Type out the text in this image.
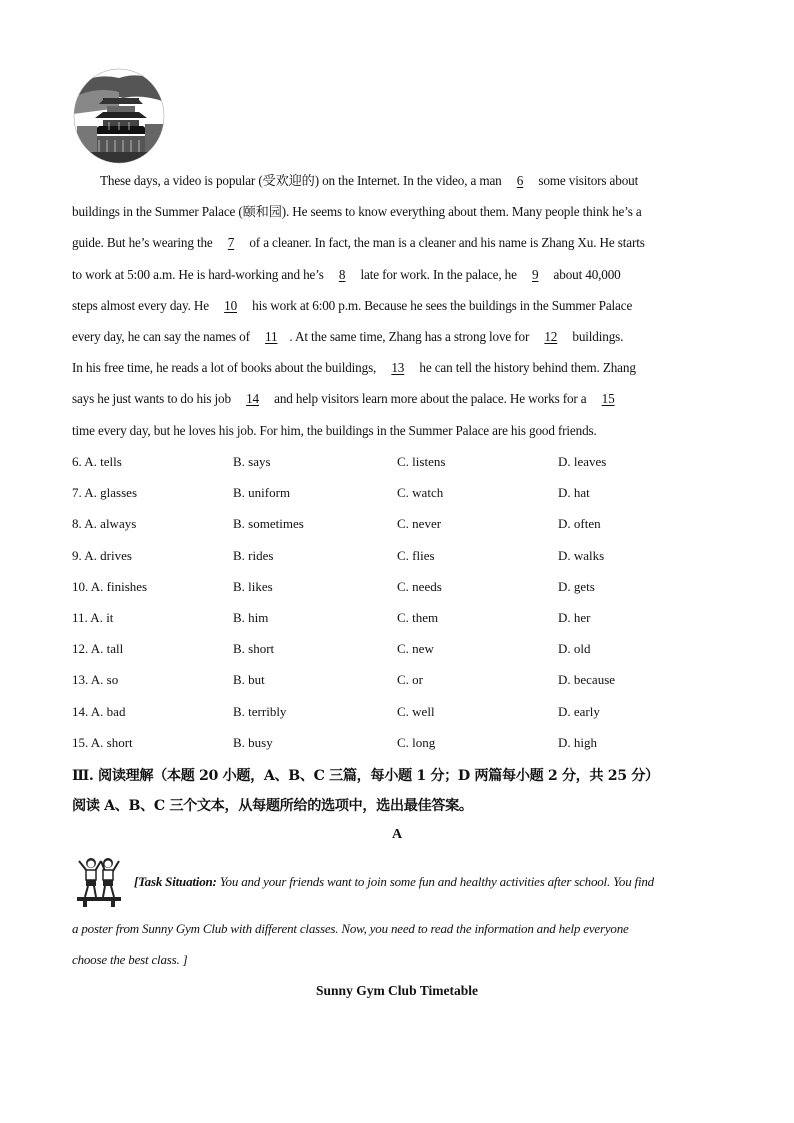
These days, a video is popular (受欢迎的) on the Internet. In the video, a man 6 some visitors about
buildings in the Summer Palace (颐和园). He seems to know everything about them. Many people think he’s a
guide. But he’s wearing the 7 of a cleaner. In fact, the man is a cleaner and his name is Zhang Xu. He starts
to work at 5:00 a.m. He is hard-working and he’s 8 late for work. In the palace, he 9 about 40,000
steps almost every day. He 10 his work at 6:00 p.m. Because he sees the buildings in the Summer Palace
every day, he can say the names of 11 . At the same time, Zhang has a strong love for 12 buildings.
In his free time, he reads a lot of books about the buildings, 13 he can tell the history behind them. Zhang
says he just wants to do his job 14 and help visitors learn more about the palace. He works for a 15
time every day, but he loves his job. For him, the buildings in the Summer Palace are his good friends.
6. A. tells	B. says	C. listens	D. leaves
7. A. glasses	B. uniform	C. watch	D. hat
8. A. always	B. sometimes	C. never	D. often
9. A. drives	B. rides	C. flies	D. walks
10. A. finishes	B. likes	C. needs	D. gets
11. A. it	B. him	C. them	D. her
12. A. tall	B. short	C. new	D. old
13. A. so	B. but	C. or	D. because
14. A. bad	B. terribly	C. well	D. early
15. A. short	B. busy	C. long	D. high
Ⅲ. 阅读理解（本题 20 小题，A、B、C 三篇，每小题 1 分；D 两篇每小题 2 分，共 25 分）
阅读 A、B、C 三个文本，从每题所给的选项中，选出最佳答案。
A
[Task Situation: You and your friends want to join some fun and healthy activities after school. You find
a poster from Sunny Gym Club with different classes. Now, you need to read the information and help everyone
choose the best class. ]
Sunny Gym Club Timetable
